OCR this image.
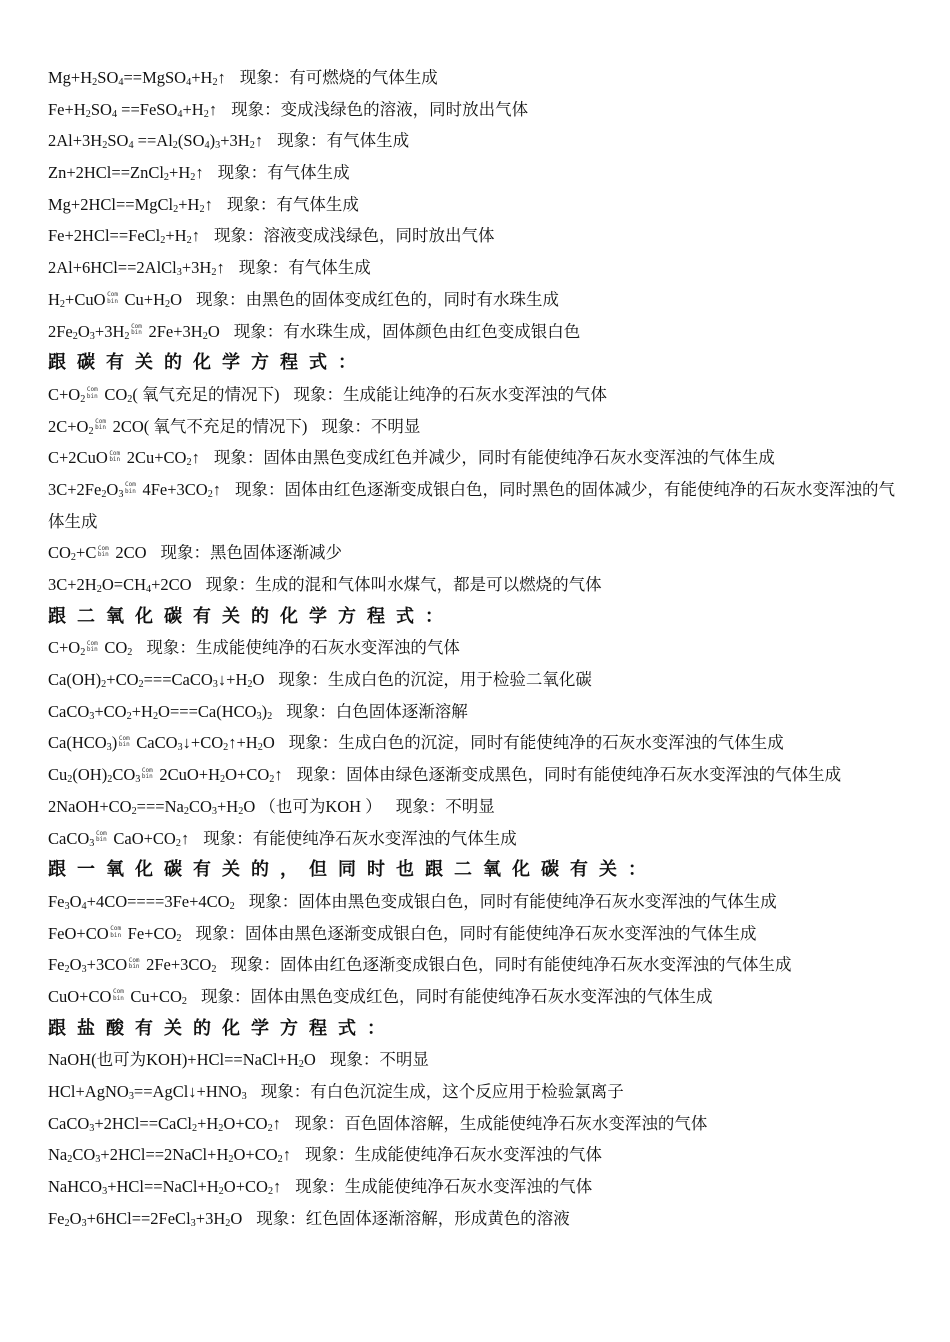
Mg+H2SO4==MgSO4+H2↑ 现象：有可燃烧的气体生成
Fe+H2SO4 ==FeSO4+H2↑ 现象：变成浅绿色的溶液，同时放出气体
2Al+3H2SO4 ==Al2(SO4)3+3H2↑ 现象：有气体生成
Zn+2HCl==ZnCl2+H2↑ 现象：有气体生成
Mg+2HCl==MgCl2+H2↑ 现象：有气体生成
Fe+2HCl==FeCl2+H2↑ 现象：溶液变成浅绿色，同时放出气体
2Al+6HCl==2AlCl3+3H2↑ 现象：有气体生成
H2+CuO Com
bin Cu+H2O 现象：由黑色的固体变成红色的，同时有水珠生成
2Fe2O3+3H2Com
bin 2Fe+3H2O 现象：有水珠生成，固体颜色由红色变成银白色
跟碳有关的化学方程式：
C+O2Com
bin CO2( 氧气充足的情况下) 现象：生成能让纯净的石灰水变浑浊的气体
2C+O2Com
bin 2CO( 氧气不充足的情况下) 现象：不明显
C+2CuO Com
bin 2Cu+CO2↑ 现象：固体由黑色变成红色并减少，同时有能使纯净石灰水变浑浊的气体生成
3C+2Fe2O3Com
bin 4Fe+3CO2↑ 现象：固体由红色逐渐变成银白色，同时黑色的固体减少，有能使纯净的石灰水变浑浊的气体生成
CO2+C Com
bin 2CO 现象：黑色固体逐渐减少
3C+2H2O=CH4+2CO 现象：生成的混和气体叫水煤气，都是可以燃烧的气体
跟二氧化碳有关的化学方程式：
C+O2Com
bin CO2 现象：生成能使纯净的石灰水变浑浊的气体
Ca(OH)2+CO2===CaCO3↓+H2O 现象：生成白色的沉淀，用于检验二氧化碳
CaCO3+CO2+H2O===Ca(HCO3)2 现象：白色固体逐渐溶解
Ca(HCO3) Com
bin CaCO3↓+CO2↑+H2O 现象：生成白色的沉淀，同时有能使纯净的石灰水变浑浊的气体生成
Cu2(OH)2CO3Com
bin 2CuO+H2O+CO2↑ 现象：固体由绿色逐渐变成黑色，同时有能使纯净石灰水变浑浊的气体生成
2NaOH+CO2===Na2CO3+H2O （也可为KOH ） 现象：不明显
CaCO3Com
bin CaO+CO2↑ 现象：有能使纯净石灰水变浑浊的气体生成
跟一氧化碳有关的，但同时也跟二氧化碳有关：
Fe3O4+4CO====3Fe+4CO2 现象：固体由黑色变成银白色，同时有能使纯净石灰水变浑浊的气体生成
FeO+CO Com
bin Fe+CO2 现象：固体由黑色逐渐变成银白色，同时有能使纯净石灰水变浑浊的气体生成
Fe2O3+3CO Com
bin 2Fe+3CO2 现象：固体由红色逐渐变成银白色，同时有能使纯净石灰水变浑浊的气体生成
CuO+CO Com
bin Cu+CO2 现象：固体由黑色变成红色，同时有能使纯净石灰水变浑浊的气体生成
跟盐酸有关的化学方程式：
NaOH(也可为KOH)+HCl==NaCl+H2O 现象：不明显
HCl+AgNO3==AgCl↓+HNO3 现象：有白色沉淀生成，这个反应用于检验氯离子
CaCO3+2HCl==CaCl2+H2O+CO2↑ 现象：百色固体溶解，生成能使纯净石灰水变浑浊的气体
Na2CO3+2HCl==2NaCl+H2O+CO2↑ 现象：生成能使纯净石灰水变浑浊的气体
NaHCO3+HCl==NaCl+H2O+CO2↑ 现象：生成能使纯净石灰水变浑浊的气体
Fe2O3+6HCl==2FeCl3+3H2O 现象：红色固体逐渐溶解，形成黄色的溶液
